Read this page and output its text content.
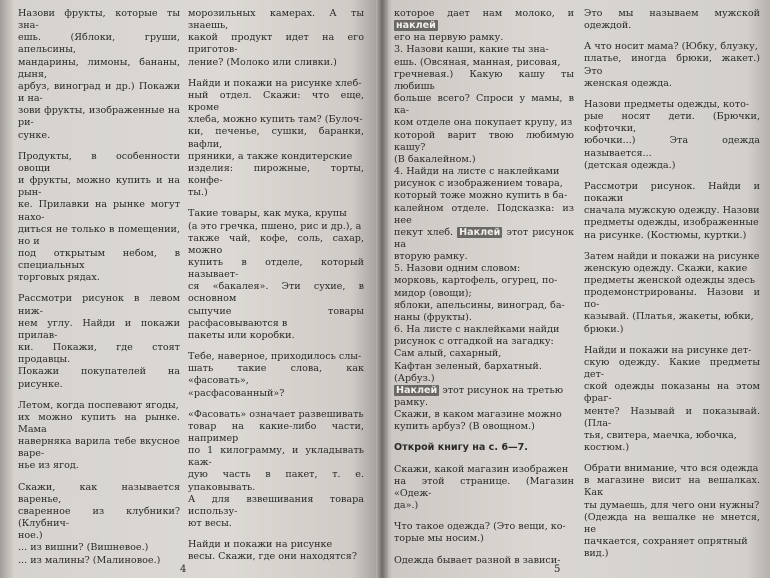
Назови фрукты, которые ты зна-
ешь. (Яблоки, груши, апельсины,
мандарины, лимоны, бананы, дыня,
арбуз, виноград и др.) Покажи и на-
зови фрукты, изображенные на ри-
сунке.

Продукты, в особенности овощи
и фрукты, можно купить и на рын-
ке. Прилавки на рынке могут нахо-
диться не только в помещении, но и
под открытым небом, в специальных
торговых рядах.

Рассмотри рисунок в левом ниж-
нем углу. Найди и покажи прилав-
ки. Покажи, где стоят продавцы.
Покажи покупателей на рисунке.

Летом, когда поспевают ягоды,
их можно купить на рынке. Мама
наверняка варила тебе вкусное варе-
нье из ягод.

Скажи, как называется варенье,
сваренное из клубники? (Клубнич-
ное.)
... из вишни? (Вишневое.)
... из малины? (Малиновое.)

морозильных камерах. А ты знаешь,
какой продукт идет на его приготов-
ление? (Молоко или сливки.)

Найди и покажи на рисунке хлеб-
ный отдел. Скажи: что еще, кроме
хлеба, можно купить там? (Булоч-
ки, печенье, сушки, баранки, вафли,
пряники, а также кондитерские
изделия: пирожные, торты, конфе-
ты.)

Такие товары, как мука, крупы
(а это гречка, пшено, рис и др.), а
также чай, кофе, соль, сахар, можно
купить в отделе, который называет-
ся «бакалея». Эти сухие, в основном
сыпучие товары расфасовываются в
пакеты или коробки.

Тебе, наверное, приходилось слы-
шать такие слова, как «фасовать»,
«расфасованный»?

«Фасовать» означает развешивать
товар на какие-либо части, например
по 1 килограмму, и укладывать каж-
дую часть в пакет, т. е. упаковывать.
А для взвешивания товара использу-
ют весы.

Найди и покажи на рисунке
весы. Скажи, где они находятся?

4

которое дает нам молоко, и наклей
его на первую рамку.
3. Назови каши, какие ты зна-
ешь. (Овсяная, манная, рисовая,
гречневая.) Какую кашу ты любишь
больше всего? Спроси у мамы, в ка-
ком отделе она покупает крупу, из
которой варит твою любимую кашу?
(В бакалейном.)
4. Найди на листе с наклейками
рисунок с изображением товара,
который тоже можно купить в ба-
калейном отделе. Подсказка: из нее
пекут хлеб. Наклей этот рисунок на
вторую рамку.
5. Назови одним словом:
морковь, картофель, огурец, по-
мидор (овощи);
яблоки, апельсины, виноград, ба-
наны (фрукты).
6. На листе с наклейками найди
рисунок с отгадкой на загадку:
Сам алый, сахарный,
Кафтан зеленый, бархатный.
(Арбуз.)
Наклей этот рисунок на третью
рамку.
Скажи, в каком магазине можно
купить арбуз? (В овощном.)

Открой книгу на с. 6—7.

Скажи, какой магазин изображен
на этой странице. (Магазин «Одеж-
да».)

Что такое одежда? (Это вещи, ко-
торые мы носим.)

Одежда бывает разной в зависи-

Это мы называем мужской одеждой.

А что носит мама? (Юбку, блузку,
платье, иногда брюки, жакет.) Это
женская одежда.

Назови предметы одежды, кото-
рые носят дети. (Брючки, кофточки,
юбочки...) Эта одежда называется...
(детская одежда.)

Рассмотри рисунок. Найди и покажи
сначала мужскую одежду. Назови
предметы одежды, изображенные
на рисунке. (Костюмы, куртки.)

Затем найди и покажи на рисунке
женскую одежду. Скажи, какие
предметы женской одежды здесь
продемонстрированы. Назови и по-
казывай. (Платья, жакеты, юбки,
брюки.)

Найди и покажи на рисунке дет-
скую одежду. Какие предметы дет-
ской одежды показаны на этом фраг-
менте? Называй и показывай. (Пла-
тья, свитера, маечка, юбочка,
костюм.)

Обрати внимание, что вся одежда
в магазине висит на вешалках. Как
ты думаешь, для чего они нужны?
(Одежда на вешалке не мнется, не
пачкается, сохраняет опрятный
вид.)

5
